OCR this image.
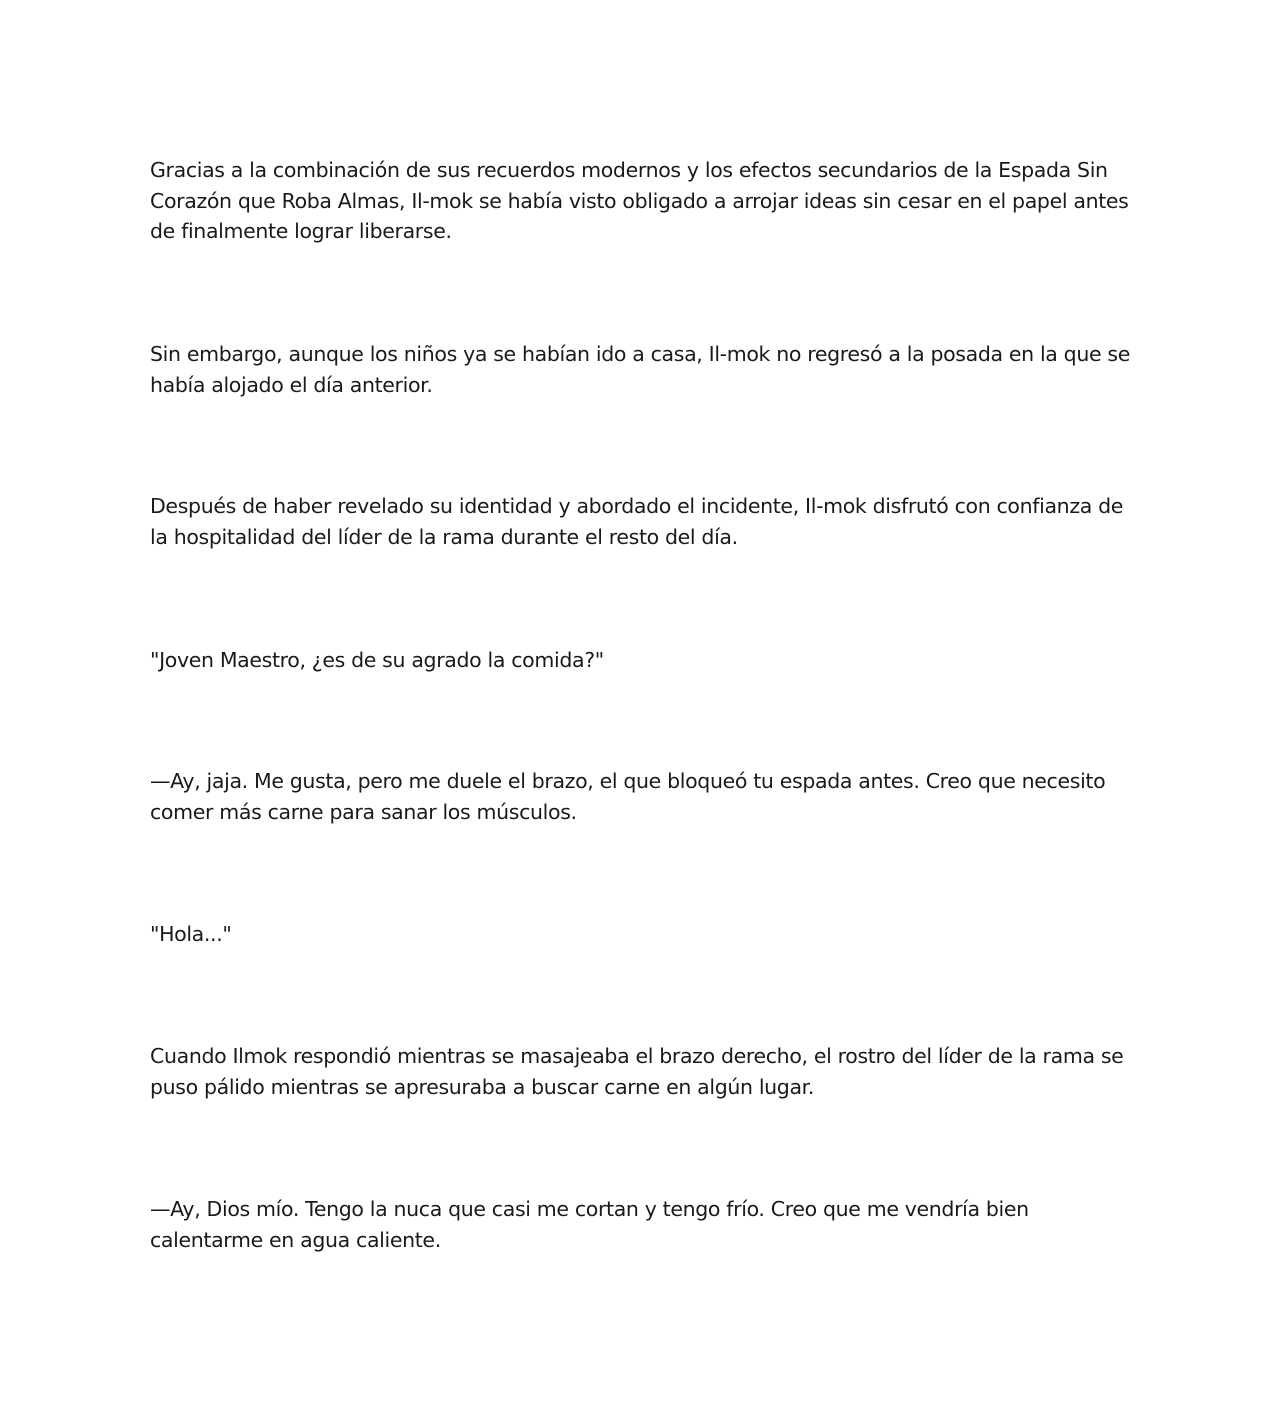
Gracias a la combinación de sus recuerdos modernos y los efectos secundarios de la Espada Sin Corazón que Roba Almas, Il-mok se había visto obligado a arrojar ideas sin cesar en el papel antes de finalmente lograr liberarse.

Sin embargo, aunque los niños ya se habían ido a casa, Il-mok no regresó a la posada en la que se había alojado el día anterior.

Después de haber revelado su identidad y abordado el incidente, Il-mok disfrutó con confianza de la hospitalidad del líder de la rama durante el resto del día.

"Joven Maestro, ¿es de su agrado la comida?"

—Ay, jaja. Me gusta, pero me duele el brazo, el que bloqueó tu espada antes. Creo que necesito comer más carne para sanar los músculos.

"Hola..."

Cuando Ilmok respondió mientras se masajeaba el brazo derecho, el rostro del líder de la rama se puso pálido mientras se apresuraba a buscar carne en algún lugar.

—Ay, Dios mío. Tengo la nuca que casi me cortan y tengo frío. Creo que me vendría bien calentarme en agua caliente.
